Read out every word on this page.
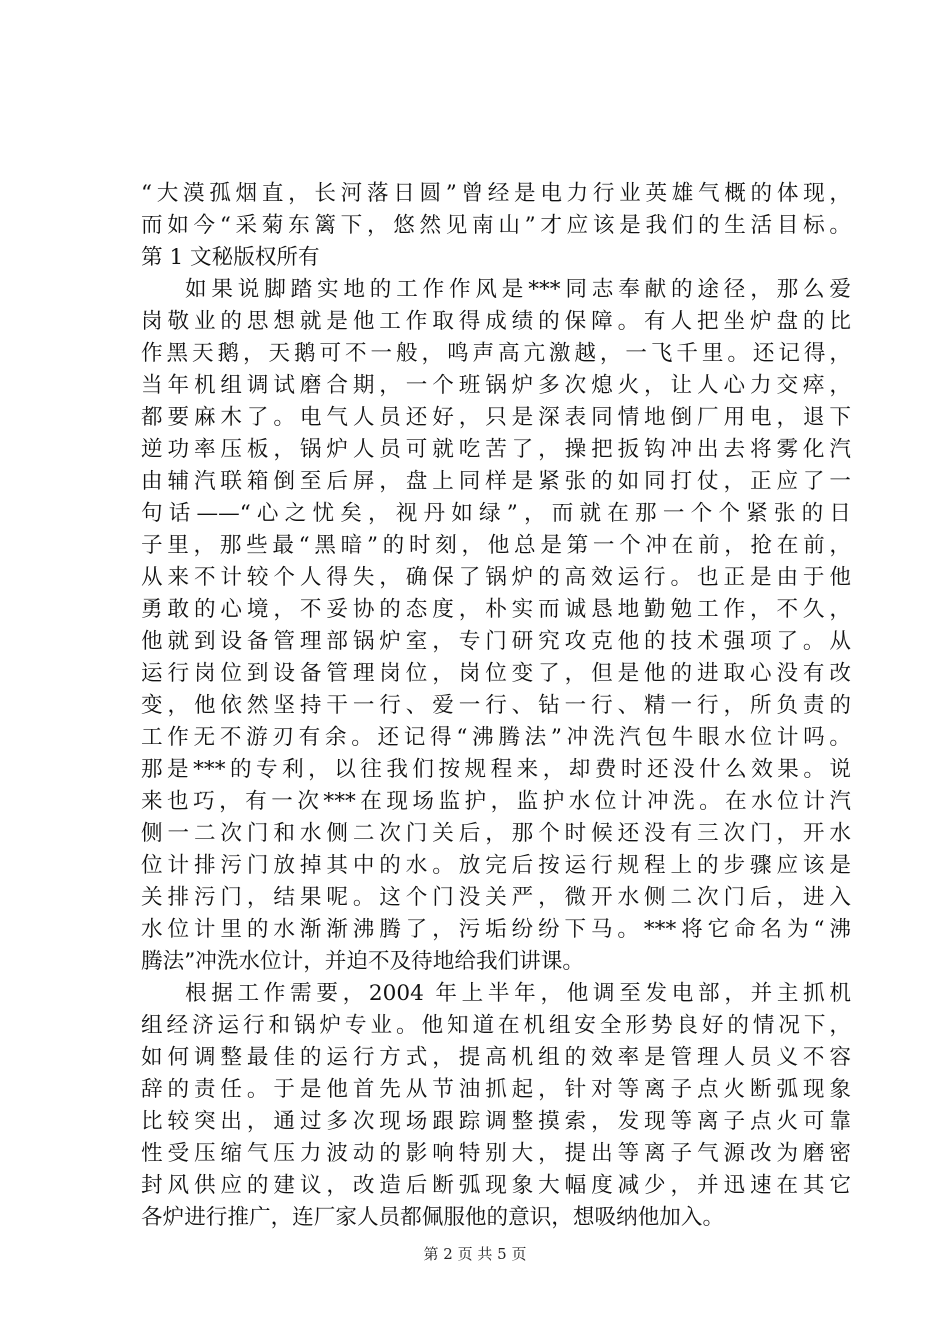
“大漠孤烟直，长河落日圆”曾经是电力行业英雄气概的体现，
而如今“采菊东篱下，悠然见南山”才应该是我们的生活目标。
第 1 文秘版权所有
如果说脚踏实地的工作作风是***同志奉献的途径，那么爱
岗敬业的思想就是他工作取得成绩的保障。有人把坐炉盘的比
作黑天鹅，天鹅可不一般，鸣声高亢激越，一飞千里。还记得，
当年机组调试磨合期，一个班锅炉多次熄火，让人心力交瘁，
都要麻木了。电气人员还好，只是深表同情地倒厂用电，退下
逆功率压板，锅炉人员可就吃苦了，操把扳钩冲出去将雾化汽
由辅汽联箱倒至后屏，盘上同样是紧张的如同打仗，正应了一
句话——“心之忧矣，视丹如绿”，而就在那一个个紧张的日
子里，那些最“黑暗”的时刻，他总是第一个冲在前，抢在前，
从来不计较个人得失，确保了锅炉的高效运行。也正是由于他
勇敢的心境，不妥协的态度，朴实而诚恳地勤勉工作，不久，
他就到设备管理部锅炉室，专门研究攻克他的技术强项了。从
运行岗位到设备管理岗位，岗位变了，但是他的进取心没有改
变，他依然坚持干一行、爱一行、钻一行、精一行，所负责的
工作无不游刃有余。还记得“沸腾法”冲洗汽包牛眼水位计吗。
那是***的专利，以往我们按规程来，却费时还没什么效果。说
来也巧，有一次***在现场监护，监护水位计冲洗。在水位计汽
侧一二次门和水侧二次门关后，那个时候还没有三次门，开水
位计排污门放掉其中的水。放完后按运行规程上的步骤应该是
关排污门，结果呢。这个门没关严，微开水侧二次门后，进入
水位计里的水渐渐沸腾了，污垢纷纷下马。***将它命名为“沸
腾法”冲洗水位计，并迫不及待地给我们讲课。
根据工作需要，2004 年上半年，他调至发电部，并主抓机
组经济运行和锅炉专业。他知道在机组安全形势良好的情况下，
如何调整最佳的运行方式，提高机组的效率是管理人员义不容
辞的责任。于是他首先从节油抓起，针对等离子点火断弧现象
比较突出，通过多次现场跟踪调整摸索，发现等离子点火可靠
性受压缩气压力波动的影响特别大，提出等离子气源改为磨密
封风供应的建议，改造后断弧现象大幅度减少，并迅速在其它
各炉进行推广，连厂家人员都佩服他的意识，想吸纳他加入。
第 2 页 共 5 页
